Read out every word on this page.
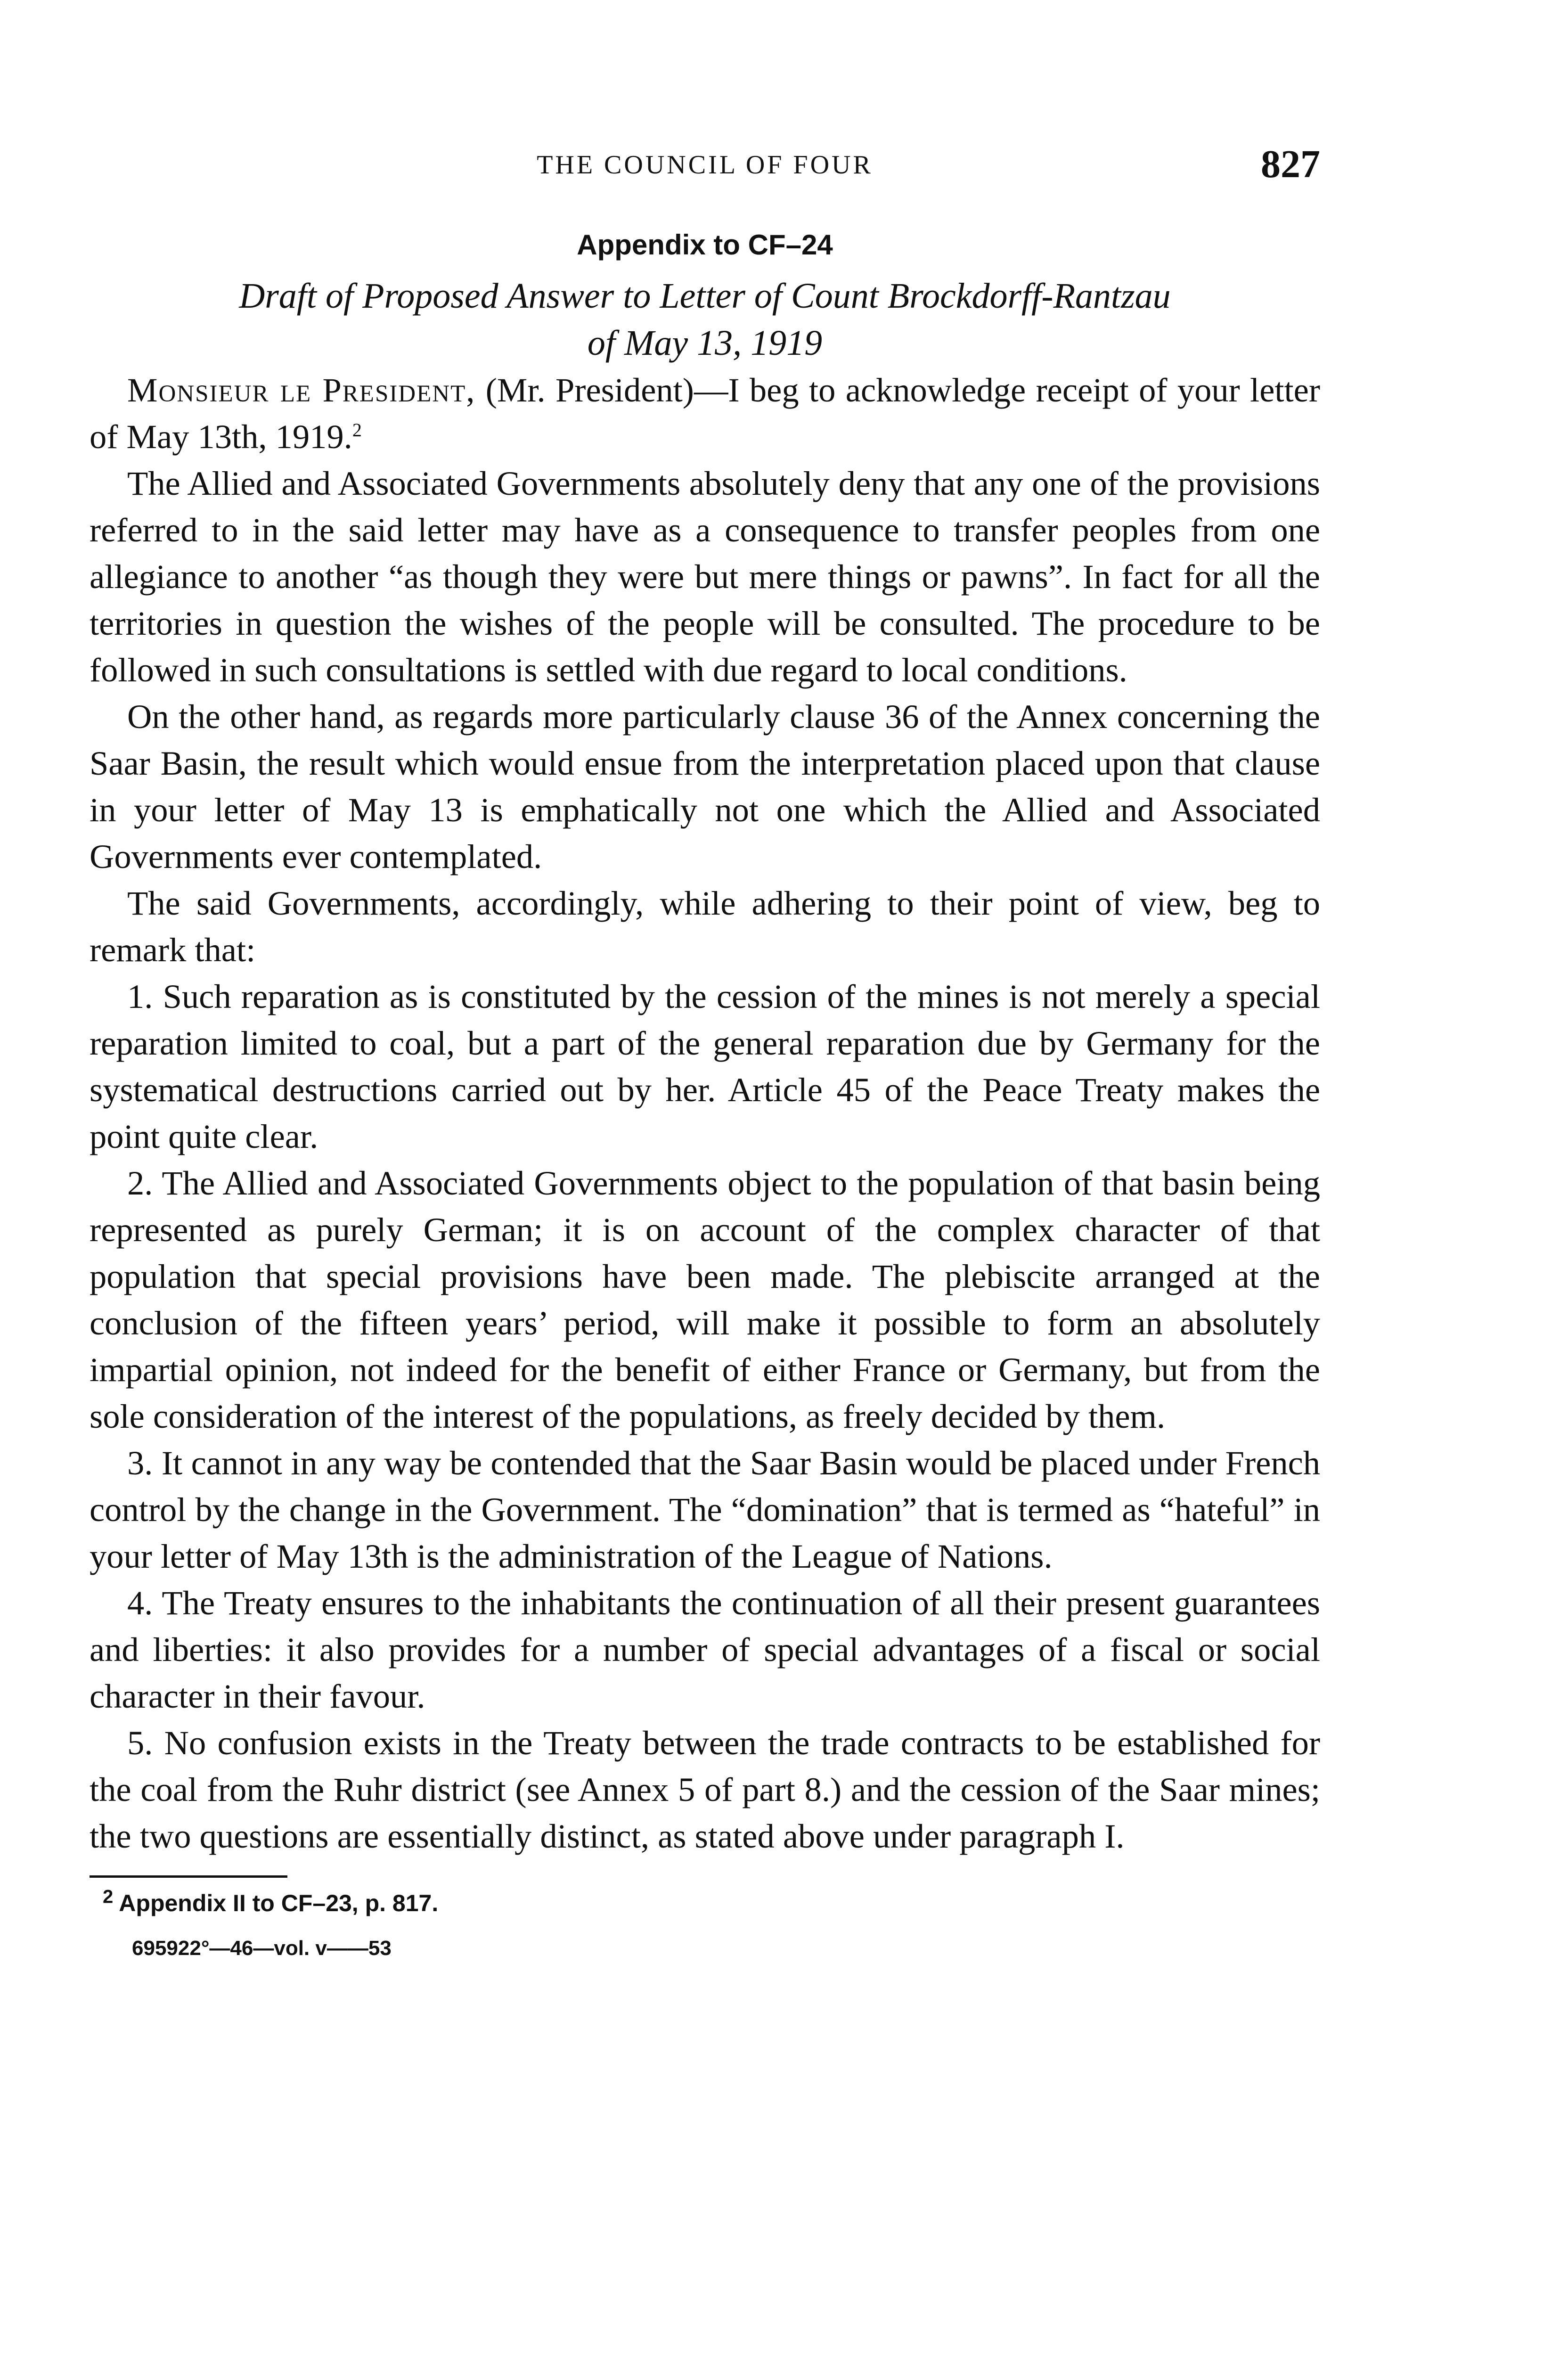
THE COUNCIL OF FOUR	827
Appendix to CF–24
Draft of Proposed Answer to Letter of Count Brockdorff-Rantzau
of May 13, 1919

Monsieur le President, (Mr. President)—I beg to acknowledge receipt of your letter of May 13th, 1919.$^2$

The Allied and Associated Governments absolutely deny that any one of the provisions referred to in the said letter may have as a consequence to transfer peoples from one allegiance to another “as though they were but mere things or pawns”. In fact for all the territories in question the wishes of the people will be consulted. The procedure to be followed in such consultations is settled with due regard to local conditions.

On the other hand, as regards more particularly clause 36 of the Annex concerning the Saar Basin, the result which would ensue from the interpretation placed upon that clause in your letter of May 13 is emphatically not one which the Allied and Associated Governments ever contemplated.

The said Governments, accordingly, while adhering to their point of view, beg to remark that:

1. Such reparation as is constituted by the cession of the mines is not merely a special reparation limited to coal, but a part of the general reparation due by Germany for the systematical destructions carried out by her. Article 45 of the Peace Treaty makes the point quite clear.

2. The Allied and Associated Governments object to the population of that basin being represented as purely German; it is on account of the complex character of that population that special provisions have been made. The plebiscite arranged at the conclusion of the fifteen years’ period, will make it possible to form an absolutely impartial opinion, not indeed for the benefit of either France or Germany, but from the sole consideration of the interest of the populations, as freely decided by them.

3. It cannot in any way be contended that the Saar Basin would be placed under French control by the change in the Government. The “domination” that is termed as “hateful” in your letter of May 13th is the administration of the League of Nations.

4. The Treaty ensures to the inhabitants the continuation of all their present guarantees and liberties: it also provides for a number of special advantages of a fiscal or social character in their favour.

5. No confusion exists in the Treaty between the trade contracts to be established for the coal from the Ruhr district (see Annex 5 of part 8.) and the cession of the Saar mines; the two questions are essentially distinct, as stated above under paragraph I.

$^2$ Appendix II to CF–23, p. 817.
695922°—46—vol. v——53
